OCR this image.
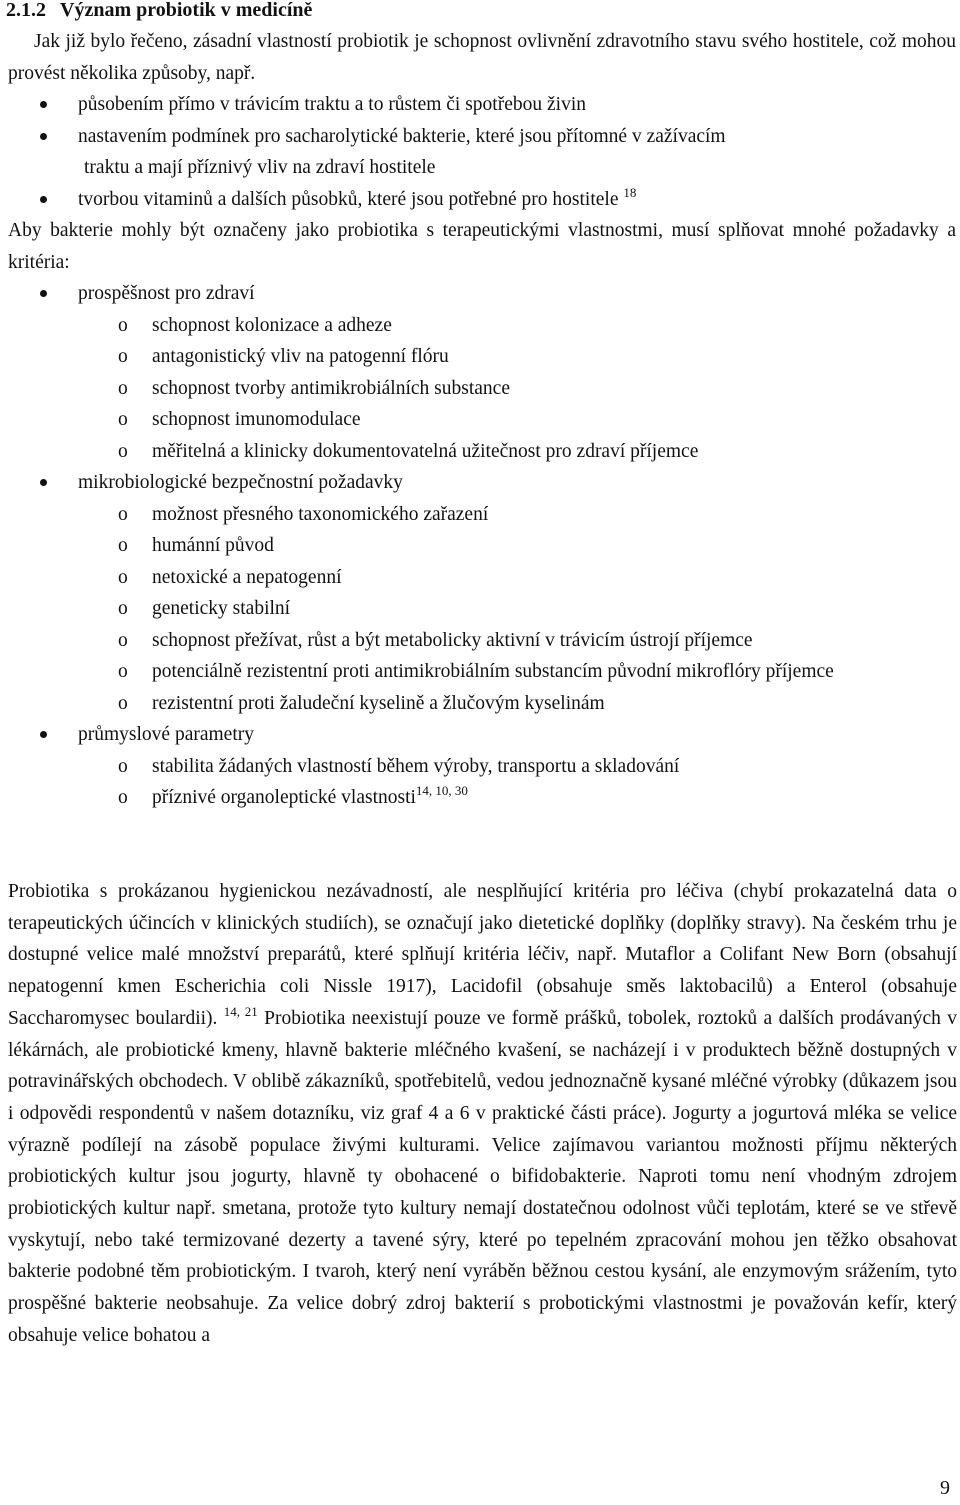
2.1.2 Význam probiotik v medicíně
Jak již bylo řečeno, zásadní vlastností probiotik je schopnost ovlivnění zdravotního stavu svého hostitele, což mohou provést několika způsoby, např.
působením přímo v trávicím traktu a to růstem či spotřebou živin
nastavením podmínek pro sacharolytické bakterie, které jsou přítomné v zažívacím
traktu a mají příznivý vliv na zdraví hostitele
tvorbou vitaminů a dalších působků, které jsou potřebné pro hostitele $^{18}$
Aby bakterie mohly být označeny jako probiotika s terapeutickými vlastnostmi, musí splňovat mnohé požadavky a kritéria:
prospěšnost pro zdraví
o schopnost kolonizace a adheze
o antagonistický vliv na patogenní flóru
o schopnost tvorby antimikrobiálních substance
o schopnost imunomodulace
o měřitelná a klinicky dokumentovatelná užitečnost pro zdraví příjemce
mikrobiologické bezpečnostní požadavky
o možnost přesného taxonomického zařazení
o humánní původ
o netoxické a nepatogenní
o geneticky stabilní
o schopnost přežívat, růst a být metabolicky aktivní v trávicím ústrojí příjemce
o potenciálně rezistentní proti antimikrobiálním substancím původní mikroflóry příjemce
o rezistentní proti žaludeční kyselině a žlučovým kyselinám
průmyslové parametry
o stabilita žádaných vlastností během výroby, transportu a skladování
o příznivé organoleptické vlastnosti$^{14, 10, 30}$
Probiotika s prokázanou hygienickou nezávadností, ale nesplňující kritéria pro léčiva (chybí prokazatelná data o terapeutických účincích v klinických studiích), se označují jako dietetické doplňky (doplňky stravy). Na českém trhu je dostupné velice malé množství preparátů, které splňují kritéria léčiv, např. Mutaflor a Colifant New Born (obsahují nepatogenní kmen Escherichia coli Nissle 1917), Lacidofil (obsahuje směs laktobacilů) a Enterol (obsahuje Saccharomysec boulardii). $^{14, 21}$ Probiotika neexistují pouze ve formě prášků, tobolek, roztoků a dalších prodávaných v lékárnách, ale probiotické kmeny, hlavně bakterie mléčného kvašení, se nacházejí i v produktech běžně dostupných v potravinářských obchodech. V oblibě zákazníků, spotřebitelů, vedou jednoznačně kysané mléčné výrobky (důkazem jsou i odpovědi respondentů v našem dotazníku, viz graf 4 a 6 v praktické části práce). Jogurty a jogurtová mléka se velice výrazně podílejí na zásobě populace živými kulturami. Velice zajímavou variantou možnosti příjmu některých probiotických kultur jsou jogurty, hlavně ty obohacené o bifidobakterie. Naproti tomu není vhodným zdrojem probiotických kultur např. smetana, protože tyto kultury nemají dostatečnou odolnost vůči teplotám, které se ve střevě vyskytují, nebo také termizované dezerty a tavené sýry, které po tepelném zpracování mohou jen těžko obsahovat bakterie podobné těm probiotickým. I tvaroh, který není vyráběn běžnou cestou kysání, ale enzymovým srážením, tyto prospěšné bakterie neobsahuje. Za velice dobrý zdroj bakterií s probotickými vlastnostmi je považován kefír, který obsahuje velice bohatou a
9
